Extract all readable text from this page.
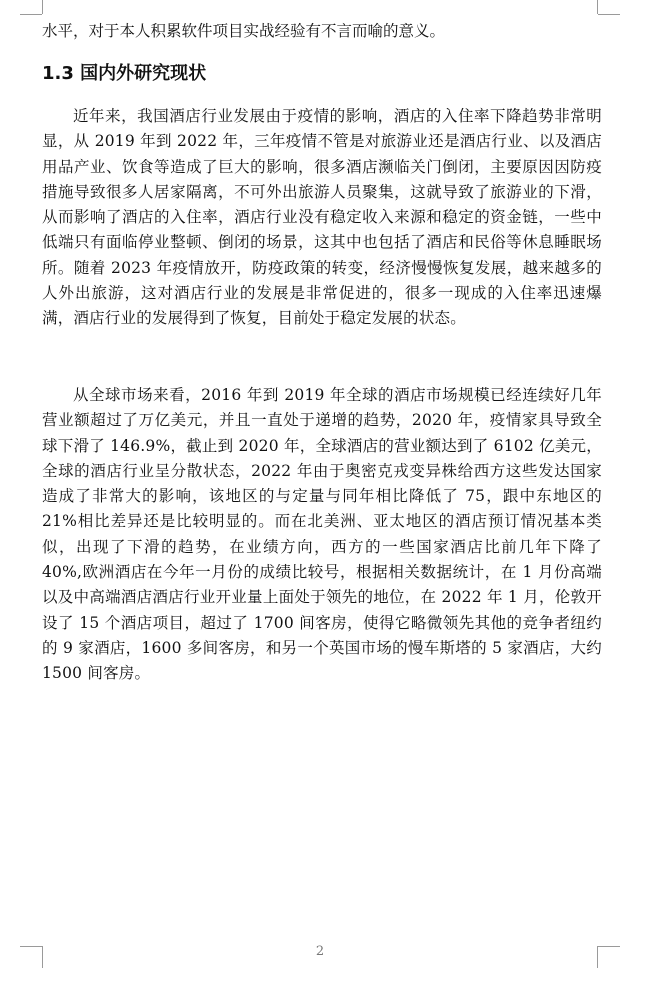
水平，对于本人积累软件项目实战经验有不言而喻的意义。
1.3 国内外研究现状

近年来，我国酒店行业发展由于疫情的影响，酒店的入住率下降趋势非常明显，从 2019 年到 2022 年，三年疫情不管是对旅游业还是酒店行业、以及酒店用品产业、饮食等造成了巨大的影响，很多酒店濒临关门倒闭，主要原因因防疫措施导致很多人居家隔离，不可外出旅游人员聚集，这就导致了旅游业的下滑，从而影响了酒店的入住率，酒店行业没有稳定收入来源和稳定的资金链，一些中低端只有面临停业整顿、倒闭的场景，这其中也包括了酒店和民俗等休息睡眠场所。随着 2023 年疫情放开，防疫政策的转变，经济慢慢恢复发展，越来越多的人外出旅游，这对酒店行业的发展是非常促进的，很多一现成的入住率迅速爆满，酒店行业的发展得到了恢复，目前处于稳定发展的状态。

从全球市场来看，2016 年到 2019 年全球的酒店市场规模已经连续好几年营业额超过了万亿美元，并且一直处于递增的趋势，2020 年，疫情家具导致全球下滑了 146.9%，截止到 2020 年，全球酒店的营业额达到了 6102 亿美元，全球的酒店行业呈分散状态，2022 年由于奥密克戎变异株给西方这些发达国家造成了非常大的影响，该地区的与定量与同年相比降低了 75，跟中东地区的 21%相比差异还是比较明显的。而在北美洲、亚太地区的酒店预订情况基本类似，出现了下滑的趋势，在业绩方向，西方的一些国家酒店比前几年下降了 40%,欧洲酒店在今年一月份的成绩比较号，根据相关数据统计，在 1 月份高端以及中高端酒店酒店行业开业量上面处于领先的地位，在 2022 年 1 月，伦敦开设了 15 个酒店项目，超过了 1700 间客房，使得它略微领先其他的竞争者纽约的 9 家酒店，1600 多间客房，和另一个英国市场的慢车斯塔的 5 家酒店，大约 1500 间客房。

2
